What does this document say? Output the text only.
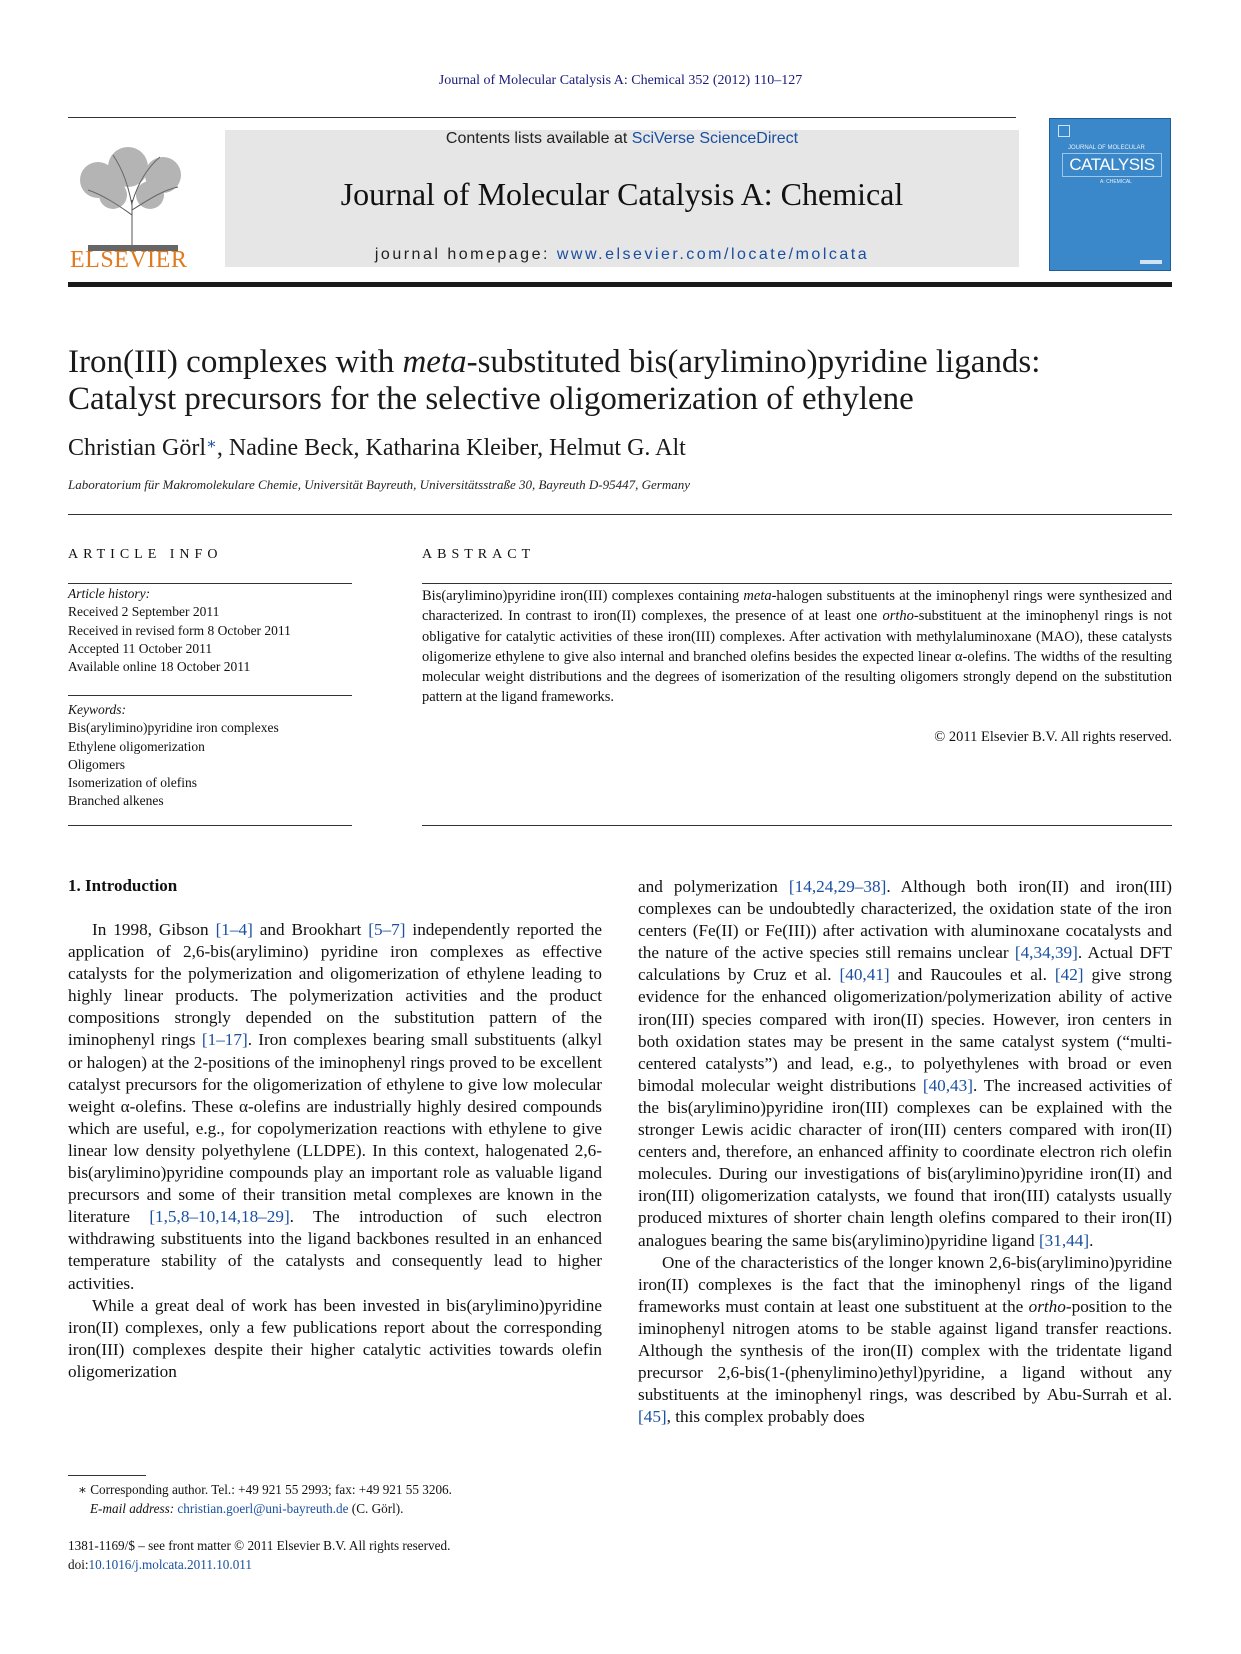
Journal of Molecular Catalysis A: Chemical 352 (2012) 110–127
ELSEVIER
Contents lists available at SciVerse ScienceDirect
Journal of Molecular Catalysis A: Chemical
journal homepage: www.elsevier.com/locate/molcata
JOURNAL OF MOLECULAR
CATALYSIS
A: CHEMICAL
Iron(III) complexes with meta-substituted bis(arylimino)pyridine ligands:
Catalyst precursors for the selective oligomerization of ethylene
Christian Görl∗, Nadine Beck, Katharina Kleiber, Helmut G. Alt
Laboratorium für Makromolekulare Chemie, Universität Bayreuth, Universitätsstraße 30, Bayreuth D-95447, Germany
ARTICLE INFO
Article history:
Received 2 September 2011
Received in revised form 8 October 2011
Accepted 11 October 2011
Available online 18 October 2011
Keywords:
Bis(arylimino)pyridine iron complexes
Ethylene oligomerization
Oligomers
Isomerization of olefins
Branched alkenes
ABSTRACT
Bis(arylimino)pyridine iron(III) complexes containing meta-halogen substituents at the iminophenyl rings were synthesized and characterized. In contrast to iron(II) complexes, the presence of at least one ortho-substituent at the iminophenyl rings is not obligative for catalytic activities of these iron(III) complexes. After activation with methylaluminoxane (MAO), these catalysts oligomerize ethylene to give also internal and branched olefins besides the expected linear α-olefins. The widths of the resulting molecular weight distributions and the degrees of isomerization of the resulting oligomers strongly depend on the substitution pattern at the ligand frameworks.
© 2011 Elsevier B.V. All rights reserved.
1. Introduction

In 1998, Gibson [1–4] and Brookhart [5–7] independently reported the application of 2,6-bis(arylimino) pyridine iron complexes as effective catalysts for the polymerization and oligomerization of ethylene leading to highly linear products. The polymerization activities and the product compositions strongly depended on the substitution pattern of the iminophenyl rings [1–17]. Iron complexes bearing small substituents (alkyl or halogen) at the 2-positions of the iminophenyl rings proved to be excellent catalyst precursors for the oligomerization of ethylene to give low molecular weight α-olefins. These α-olefins are industrially highly desired compounds which are useful, e.g., for copolymerization reactions with ethylene to give linear low density polyethylene (LLDPE). In this context, halogenated 2,6-bis(arylimino)pyridine compounds play an important role as valuable ligand precursors and some of their transition metal complexes are known in the literature [1,5,8–10,14,18–29]. The introduction of such electron withdrawing substituents into the ligand backbones resulted in an enhanced temperature stability of the catalysts and consequently lead to higher activities.

While a great deal of work has been invested in bis(arylimino)pyridine iron(II) complexes, only a few publications report about the corresponding iron(III) complexes despite their higher catalytic activities towards olefin oligomerization

and polymerization [14,24,29–38]. Although both iron(II) and iron(III) complexes can be undoubtedly characterized, the oxidation state of the iron centers (Fe(II) or Fe(III)) after activation with aluminoxane cocatalysts and the nature of the active species still remains unclear [4,34,39]. Actual DFT calculations by Cruz et al. [40,41] and Raucoules et al. [42] give strong evidence for the enhanced oligomerization/polymerization ability of active iron(III) species compared with iron(II) species. However, iron centers in both oxidation states may be present in the same catalyst system (“multi-centered catalysts”) and lead, e.g., to polyethylenes with broad or even bimodal molecular weight distributions [40,43]. The increased activities of the bis(arylimino)pyridine iron(III) complexes can be explained with the stronger Lewis acidic character of iron(III) centers compared with iron(II) centers and, therefore, an enhanced affinity to coordinate electron rich olefin molecules. During our investigations of bis(arylimino)pyridine iron(II) and iron(III) oligomerization catalysts, we found that iron(III) catalysts usually produced mixtures of shorter chain length olefins compared to their iron(II) analogues bearing the same bis(arylimino)pyridine ligand [31,44].

One of the characteristics of the longer known 2,6-bis(arylimino)pyridine iron(II) complexes is the fact that the iminophenyl rings of the ligand frameworks must contain at least one substituent at the ortho-position to the iminophenyl nitrogen atoms to be stable against ligand transfer reactions. Although the synthesis of the iron(II) complex with the tridentate ligand precursor 2,6-bis(1-(phenylimino)ethyl)pyridine, a ligand without any substituents at the iminophenyl rings, was described by Abu-Surrah et al. [45], this complex probably does

∗ Corresponding author. Tel.: +49 921 55 2993; fax: +49 921 55 3206.
E-mail address: christian.goerl@uni-bayreuth.de (C. Görl).
1381-1169/$ – see front matter © 2011 Elsevier B.V. All rights reserved.
doi:10.1016/j.molcata.2011.10.011
